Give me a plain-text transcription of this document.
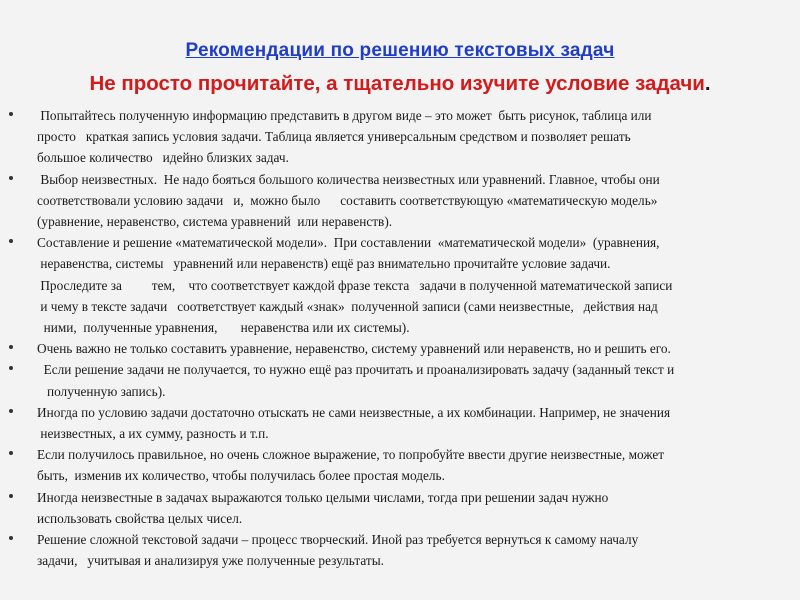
Рекомендации по решению текстовых задач
Не просто прочитайте, а тщательно изучите условие задачи.
Попытайтесь полученную информацию представить в другом виде – это может  быть рисунок, таблица или
просто   краткая запись условия задачи. Таблица является универсальным средством и позволяет решать
большое количество   идейно близких задач.
Выбор неизвестных.  Не надо бояться большого количества неизвестных или уравнений. Главное, чтобы они
соответствовали условию задачи   и,  можно было      составить соответствующую «математическую модель»
(уравнение, неравенство, система уравнений  или неравенств).
Составление и решение «математической модели».  При составлении  «математической модели»  (уравнения,
неравенства, системы   уравнений или неравенств) ещё раз внимательно прочитайте условие задачи.
Проследите за         тем,    что соответствует каждой фразе текста   задачи в полученной математической записи
и чему в тексте задачи   соответствует каждый «знак»  полученной записи (сами неизвестные,   действия над
ними,  полученные уравнения,       неравенства или их системы).
Очень важно не только составить уравнение, неравенство, систему уравнений или неравенств, но и решить его.
Если решение задачи не получается, то нужно ещё раз прочитать и проанализировать задачу (заданный текст и
полученную запись).
Иногда по условию задачи достаточно отыскать не сами неизвестные, а их комбинации. Например, не значения
неизвестных, а их сумму, разность и т.п.
Если получилось правильное, но очень сложное выражение, то попробуйте ввести другие неизвестные, может
быть,  изменив их количество, чтобы получилась более простая модель.
Иногда неизвестные в задачах выражаются только целыми числами, тогда при решении задач нужно
использовать свойства целых чисел.
Решение сложной текстовой задачи – процесс творческий. Иной раз требуется вернуться к самому началу
задачи,   учитывая и анализируя уже полученные результаты.
